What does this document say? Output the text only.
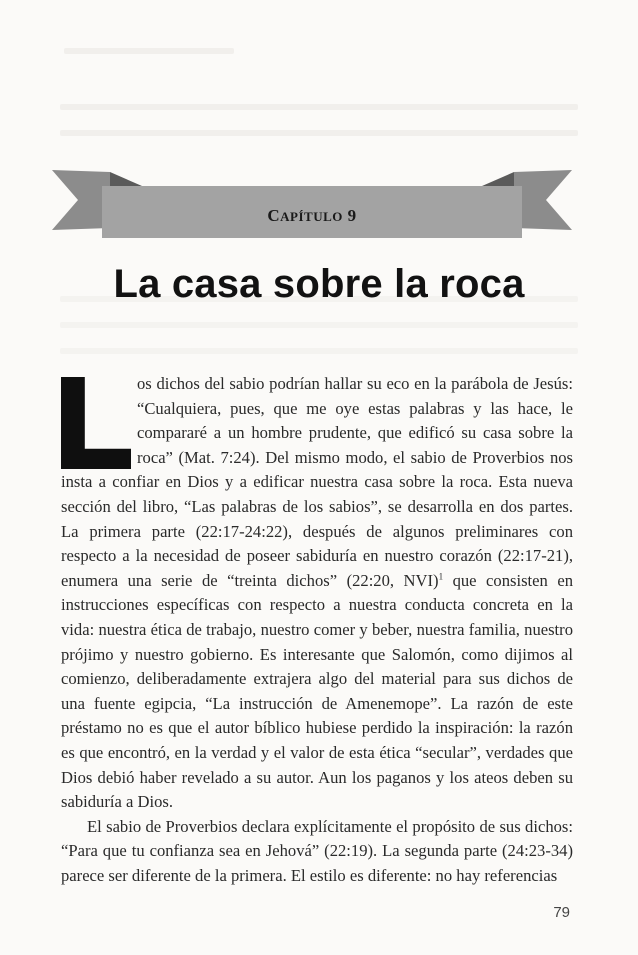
CAPÍTULO 9
La casa sobre la roca

os dichos del sabio podrían hallar su eco en la parábola de Jesús: “Cualquiera, pues, que me oye estas palabras y las hace, le compararé a un hombre prudente, que edificó su casa sobre la roca” (Mat. 7:24). Del mismo modo, el sabio de Proverbios nos insta a confiar en Dios y a edificar nuestra casa sobre la roca. Esta nueva sección del libro, “Las palabras de los sabios”, se desarrolla en dos partes. La primera parte (22:17-24:22), después de algunos preliminares con respecto a la necesidad de poseer sabiduría en nuestro corazón (22:17-21), enumera una serie de “treinta dichos” (22:20, NVI)$^1$ que consisten en instrucciones específicas con respecto a nuestra conducta concreta en la vida: nuestra ética de trabajo, nuestro comer y beber, nuestra familia, nuestro prójimo y nuestro gobierno. Es interesante que Salomón, como dijimos al comienzo, deliberadamente extrajera algo del material para sus dichos de una fuente egipcia, “La instrucción de Amenemope”. La razón de este préstamo no es que el autor bíblico hubiese perdido la inspiración: la razón es que encontró, en la verdad y el valor de esta ética “secular”, verdades que Dios debió haber revelado a su autor. Aun los paganos y los ateos deben su sabiduría a Dios.

El sabio de Proverbios declara explícitamente el propósito de sus dichos: “Para que tu confianza sea en Jehová” (22:19). La segunda parte (24:23-34) parece ser diferente de la primera. El estilo es diferente: no hay referencias

79
